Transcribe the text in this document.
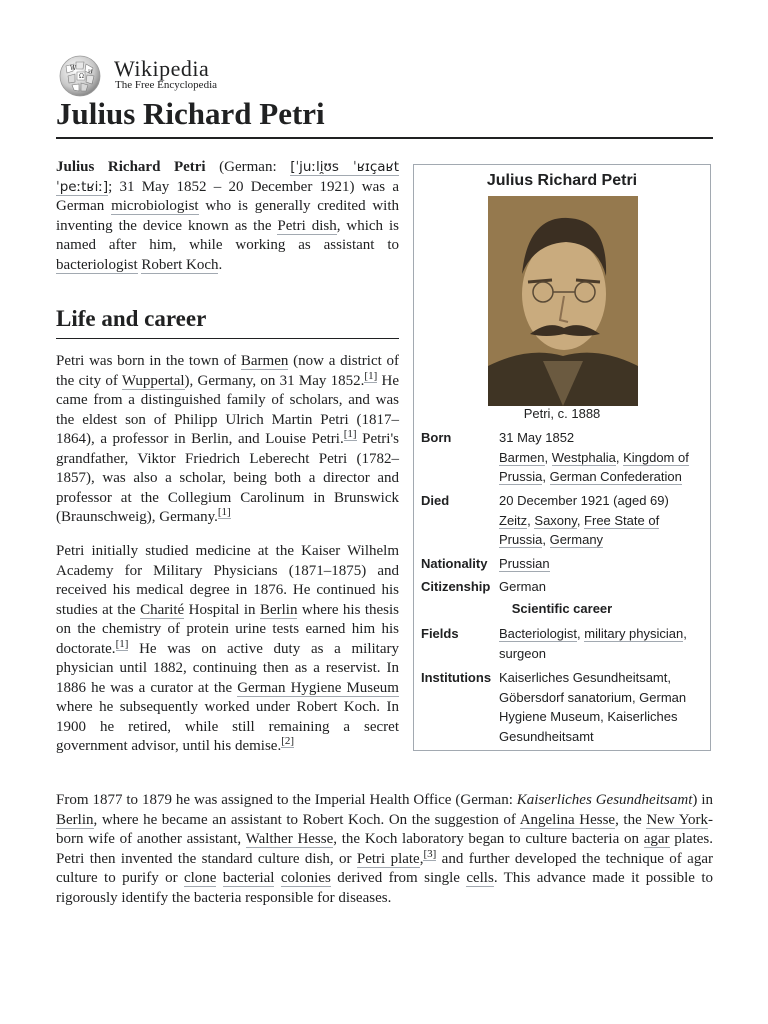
W
Ω
И Wikipedia
The Free Encyclopedia
Julius Richard Petri

Julius Richard Petri (German: [ˈjuːli̯ʊs ˈʁɪçaʁt ˈpeːtʁiː]; 31 May 1852 – 20 December 1921) was a German microbiologist who is generally credited with inventing the device known as the Petri dish, which is named after him, while working as assistant to bacteriologist Robert Koch.

Life and career

Petri was born in the town of Barmen (now a district of the city of Wuppertal), Germany, on 31 May 1852.[1] He came from a distinguished family of scholars, and was the eldest son of Philipp Ulrich Martin Petri (1817–1864), a professor in Berlin, and Louise Petri.[1] Petri's grandfather, Viktor Friedrich Leberecht Petri (1782–1857), was also a scholar, being both a director and professor at the Collegium Carolinum in Brunswick (Braunschweig), Germany.[1]

Petri initially studied medicine at the Kaiser Wilhelm Academy for Military Physicians (1871–1875) and received his medical degree in 1876. He continued his studies at the Charité Hospital in Berlin where his thesis on the chemistry of protein urine tests earned him his doctorate.[1] He was on active duty as a military physician until 1882, continuing then as a reservist. In 1886 he was a curator at the German Hygiene Museum where he subsequently worked under Robert Koch. In 1900 he retired, while still remaining a secret government advisor, until his demise.[2]

From 1877 to 1879 he was assigned to the Imperial Health Office (German: Kaiserliches Gesundheitsamt) in Berlin, where he became an assistant to Robert Koch. On the suggestion of Angelina Hesse, the New York-born wife of another assistant, Walther Hesse, the Koch laboratory began to culture bacteria on agar plates. Petri then invented the standard culture dish, or Petri plate,[3] and further developed the technique of agar culture to purify or clone bacterial colonies derived from single cells. This advance made it possible to rigorously identify the bacteria responsible for diseases.

Julius Richard Petri
Petri, c. 1888
Born	31 May 1852
Barmen, Westphalia, Kingdom of Prussia, German Confederation
Died	20 December 1921 (aged 69)
Zeitz, Saxony, Free State of Prussia, Germany
Nationality Prussian
Citizenship German
Scientific career
Fields	Bacteriologist, military physician, surgeon
Institutions Kaiserliches Gesundheitsamt, Göbersdorf sanatorium, German Hygiene Museum, Kaiserliches Gesundheitsamt
